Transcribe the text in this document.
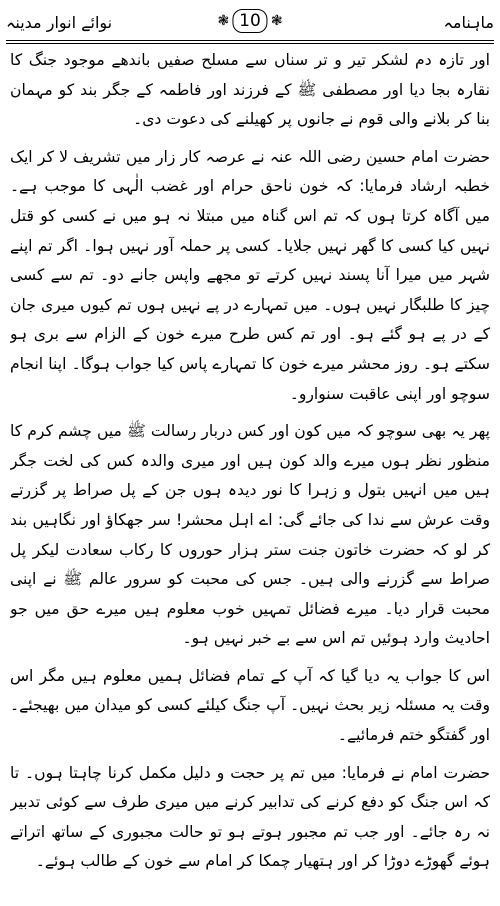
نوائے انوار مدینہ	❃ 10 ❃	ماہنامہ

اور تازہ دم لشکر تیر و تر سناں سے مسلح صفیں باندھے موجود جنگ کا نقارہ بجا دیا اور مصطفی ﷺ کے فرزند اور فاطمہ کے جگر بند کو مہمان بنا کر بلانے والی قوم نے جانوں پر کھیلنے کی دعوت دی۔

حضرت امام حسین رضی اللہ عنہ نے عرصہ کار زار میں تشریف لا کر ایک خطبہ ارشاد فرمایا: کہ خون ناحق حرام اور غضب الٰہی کا موجب ہے۔ میں آگاہ کرتا ہوں کہ تم اس گناہ میں مبتلا نہ ہو میں نے کسی کو قتل نہیں کیا کسی کا گھر نہیں جلایا۔ کسی پر حملہ آور نہیں ہوا۔ اگر تم اپنے شہر میں میرا آنا پسند نہیں کرتے تو مجھے واپس جانے دو۔ تم سے کسی چیز کا طلبگار نہیں ہوں۔ میں تمہارے در پے نہیں ہوں تم کیوں میری جان کے در پے ہو گئے ہو۔ اور تم کس طرح میرے خون کے الزام سے بری ہو سکتے ہو۔ روز محشر میرے خون کا تمہارے پاس کیا جواب ہوگا۔ اپنا انجام سوچو اور اپنی عاقبت سنوارو۔

پھر یہ بھی سوچو کہ میں کون اور کس دربار رسالت ﷺ میں چشم کرم کا منظور نظر ہوں میرے والد کون ہیں اور میری والدہ کس کی لخت جگر ہیں میں انہیں بتول و زہرا کا نور دیدہ ہوں جن کے پل صراط پر گزرتے وقت عرش سے ندا کی جائے گی: اے اہل محشر! سر جھکاؤ اور نگاہیں بند کر لو کہ حضرت خاتون جنت ستر ہزار حوروں کا رکاب سعادت لیکر پل صراط سے گزرنے والی ہیں۔ جس کی محبت کو سرور عالم ﷺ نے اپنی محبت قرار دیا۔ میرے فضائل تمہیں خوب معلوم ہیں میرے حق میں جو احادیث وارد ہوئیں تم اس سے بے خبر نہیں ہو۔

اس کا جواب یہ دیا گیا کہ آپ کے تمام فضائل ہمیں معلوم ہیں مگر اس وقت یہ مسئلہ زیر بحث نہیں۔ آپ جنگ کیلئے کسی کو میدان میں بھیجئے۔ اور گفتگو ختم فرمائیے۔

حضرت امام نے فرمایا: میں تم پر حجت و دلیل مکمل کرنا چاہتا ہوں۔ تا کہ اس جنگ کو دفع کرنے کی تدابیر کرنے میں میری طرف سے کوئی تدبیر نہ رہ جائے۔ اور جب تم مجبور ہوتے ہو تو حالت مجبوری کے ساتھ اتراتے ہوئے گھوڑے دوڑا کر اور ہتھیار چمکا کر امام سے خون کے طالب ہوئے۔
